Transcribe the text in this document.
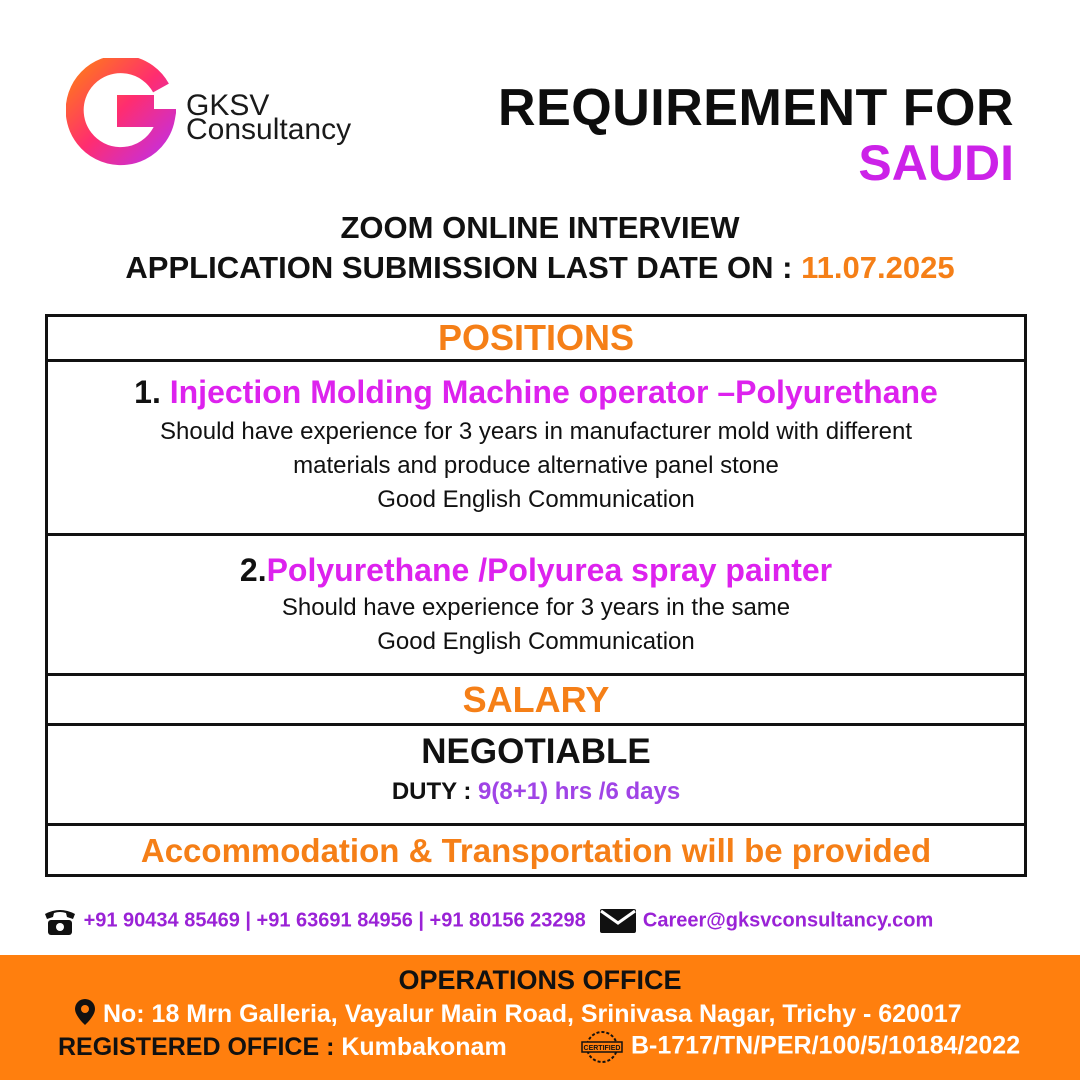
GKSV
Consultancy	REQUIREMENT FOR
SAUDI
ZOOM ONLINE INTERVIEW
APPLICATION SUBMISSION LAST DATE ON : 11.07.2025
POSITIONS
1. Injection Molding Machine operator –Polyurethane
Should have experience for 3 years in manufacturer mold with different
materials and produce alternative panel stone
Good English Communication
2.Polyurethane /Polyurea spray painter
Should have experience for 3 years in the same
Good English Communication
SALARY
NEGOTIABLE
DUTY : 9(8+1) hrs /6 days
Accommodation & Transportation will be provided
+91 90434 85469 | +91 63691 84956 | +91 80156 23298	Career@gksvconsultancy.com
OPERATIONS OFFICE
No: 18 Mrn Galleria, Vayalur Main Road, Srinivasa Nagar, Trichy - 620017
REGISTERED OFFICE : Kumbakonam	CERTIFIED B-1717/TN/PER/100/5/10184/2022
